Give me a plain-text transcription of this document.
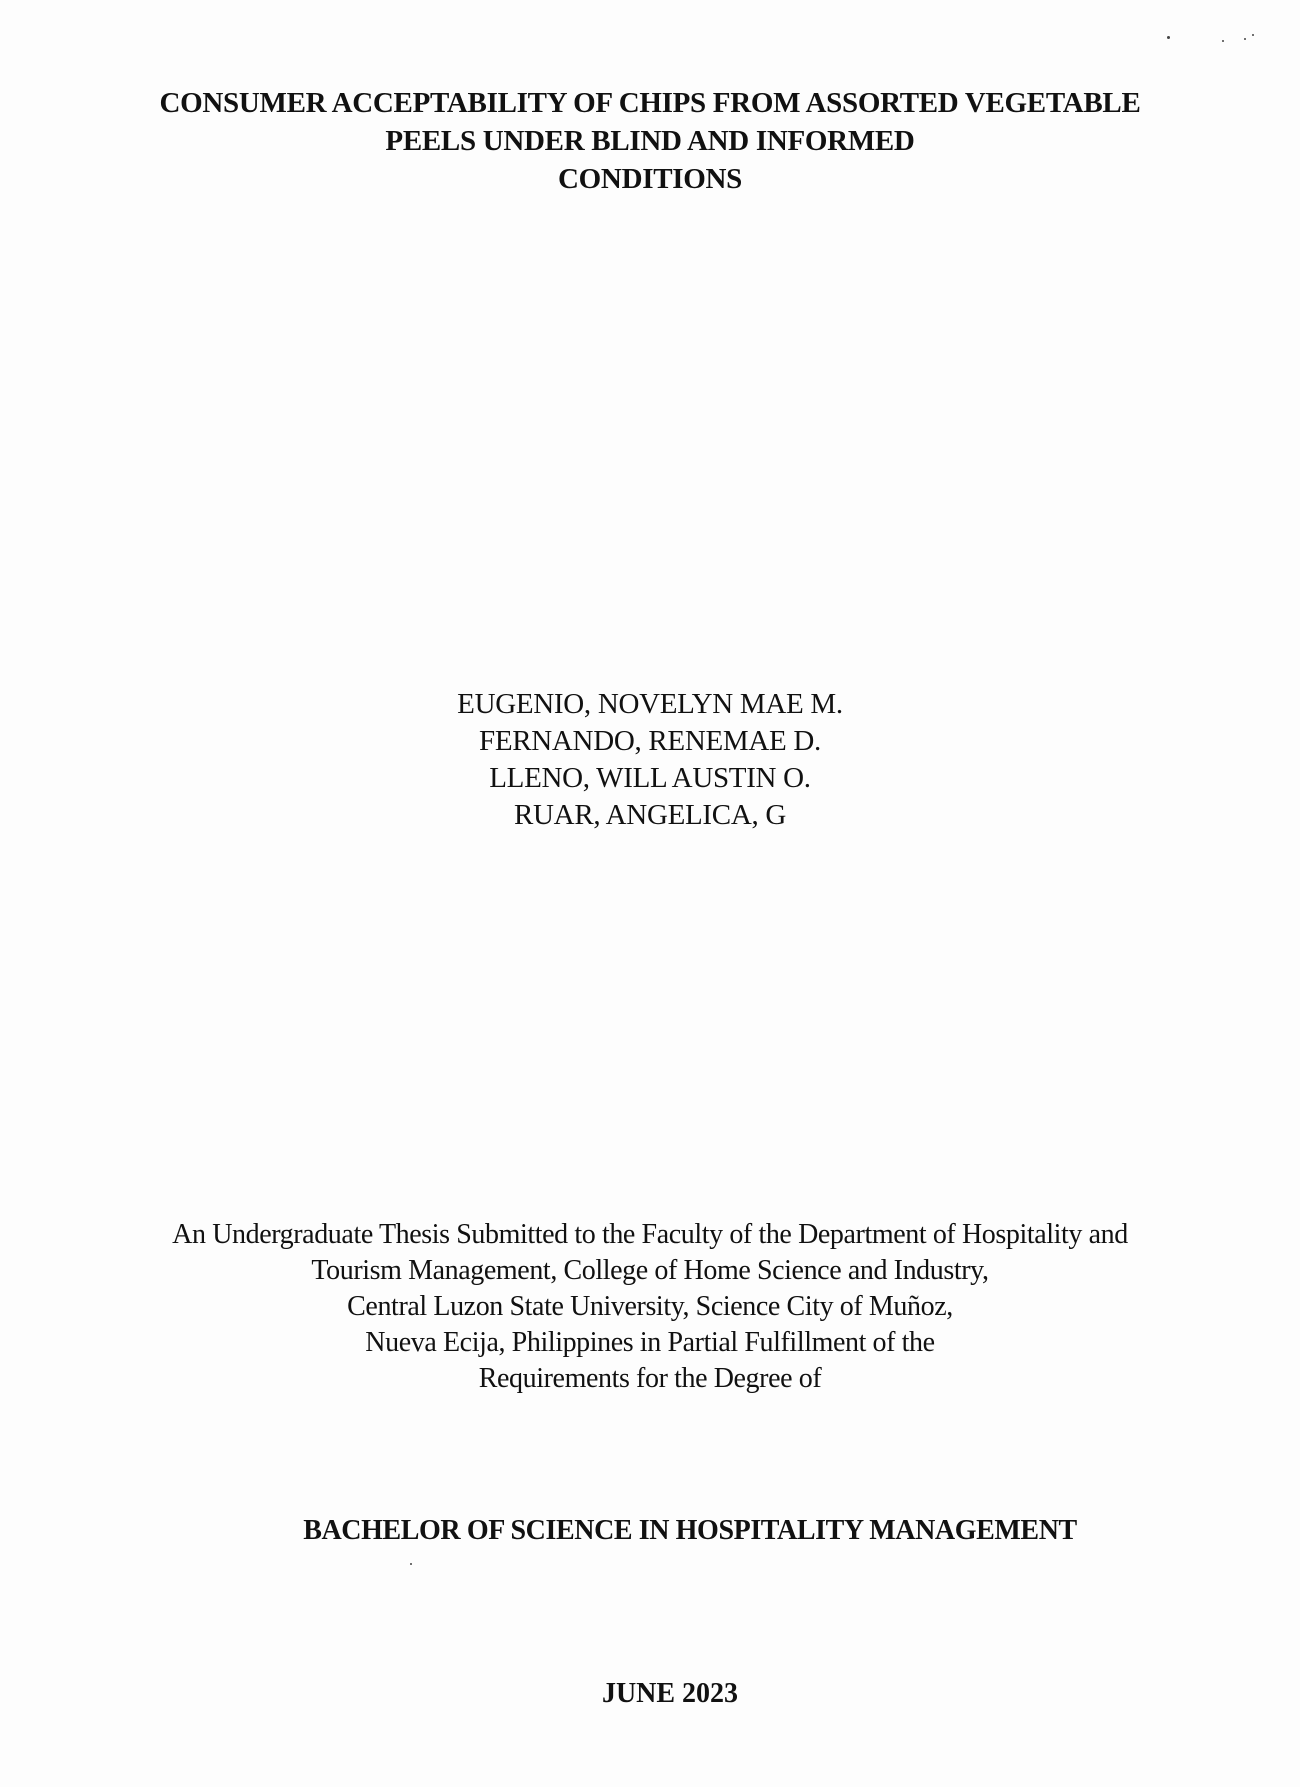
CONSUMER ACCEPTABILITY OF CHIPS FROM ASSORTED VEGETABLE
PEELS UNDER BLIND AND INFORMED
CONDITIONS
EUGENIO, NOVELYN MAE M.
FERNANDO, RENEMAE D.
LLENO, WILL AUSTIN O.
RUAR, ANGELICA, G
An Undergraduate Thesis Submitted to the Faculty of the Department of Hospitality and
Tourism Management, College of Home Science and Industry,
Central Luzon State University, Science City of Muñoz,
Nueva Ecija, Philippines in Partial Fulfillment of the
Requirements for the Degree of
BACHELOR OF SCIENCE IN HOSPITALITY MANAGEMENT
JUNE 2023
